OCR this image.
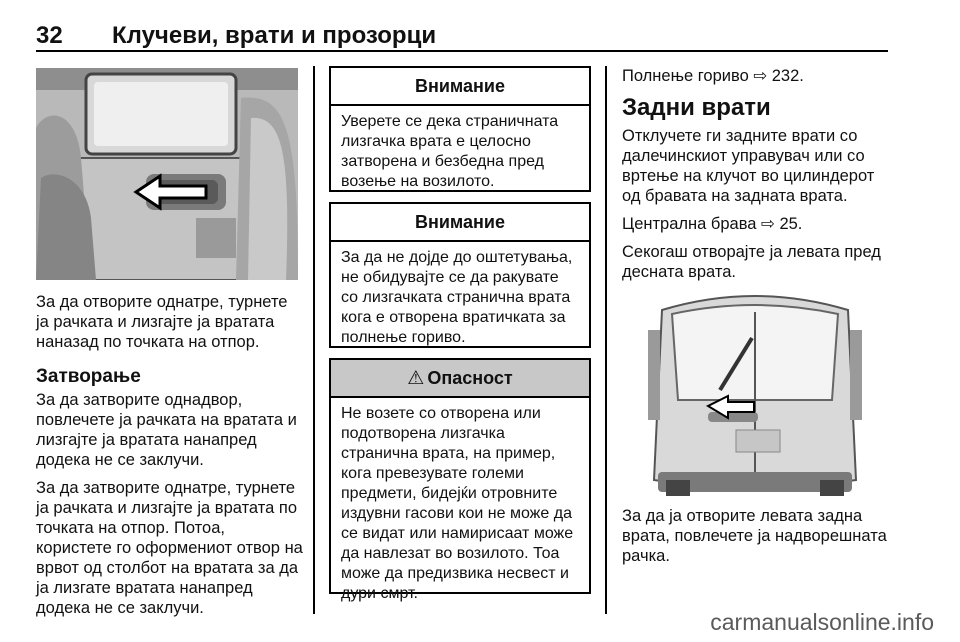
32 Клучеви, врати и прозорци

За да отворите однатре, турнете ја рачката и лизгајте ја вратата наназад по точката на отпор.

Затворање

За да затворите однадвор, повлечете ја рачката на вратата и лизгајте ја вратата нанапред додека не се заклучи.

За да затворите однатре, турнете ја рачката и лизгајте ја вратата по точката на отпор. Потоа, користете го оформениот отвор на врвот од столбот на вратата за да ја лизгате вратата нанапред додека не се заклучи.

Внимание
Уверете се дека страничната лизгачка врата е целосно затворена и безбедна пред возење на возилото.
Внимание
За да не дојде до оштетувања, не обидувајте се да ракувате со лизгачката странична врата кога е отворена вратичката за полнење гориво.
⚠ Опасност
Не возете со отворена или подотворена лизгачка странична врата, на пример, кога превезувате големи предмети, бидејќи отровните издувни гасови кои не може да се видат или намирисаат може да навлезат во возилото. Тоа може да предизвика несвест и дури смрт.

Полнење гориво ⇨ 232.

Задни врати

Отклучете ги задните врати со далечинскиот управувач или со вртење на клучот во цилиндерот од бравата на задната врата.

Централна брава ⇨ 25.

Секогаш отворајте ја левата пред десната врата.

За да ја отворите левата задна врата, повлечете ја надворешната рачка.

carmanualsonline.info
